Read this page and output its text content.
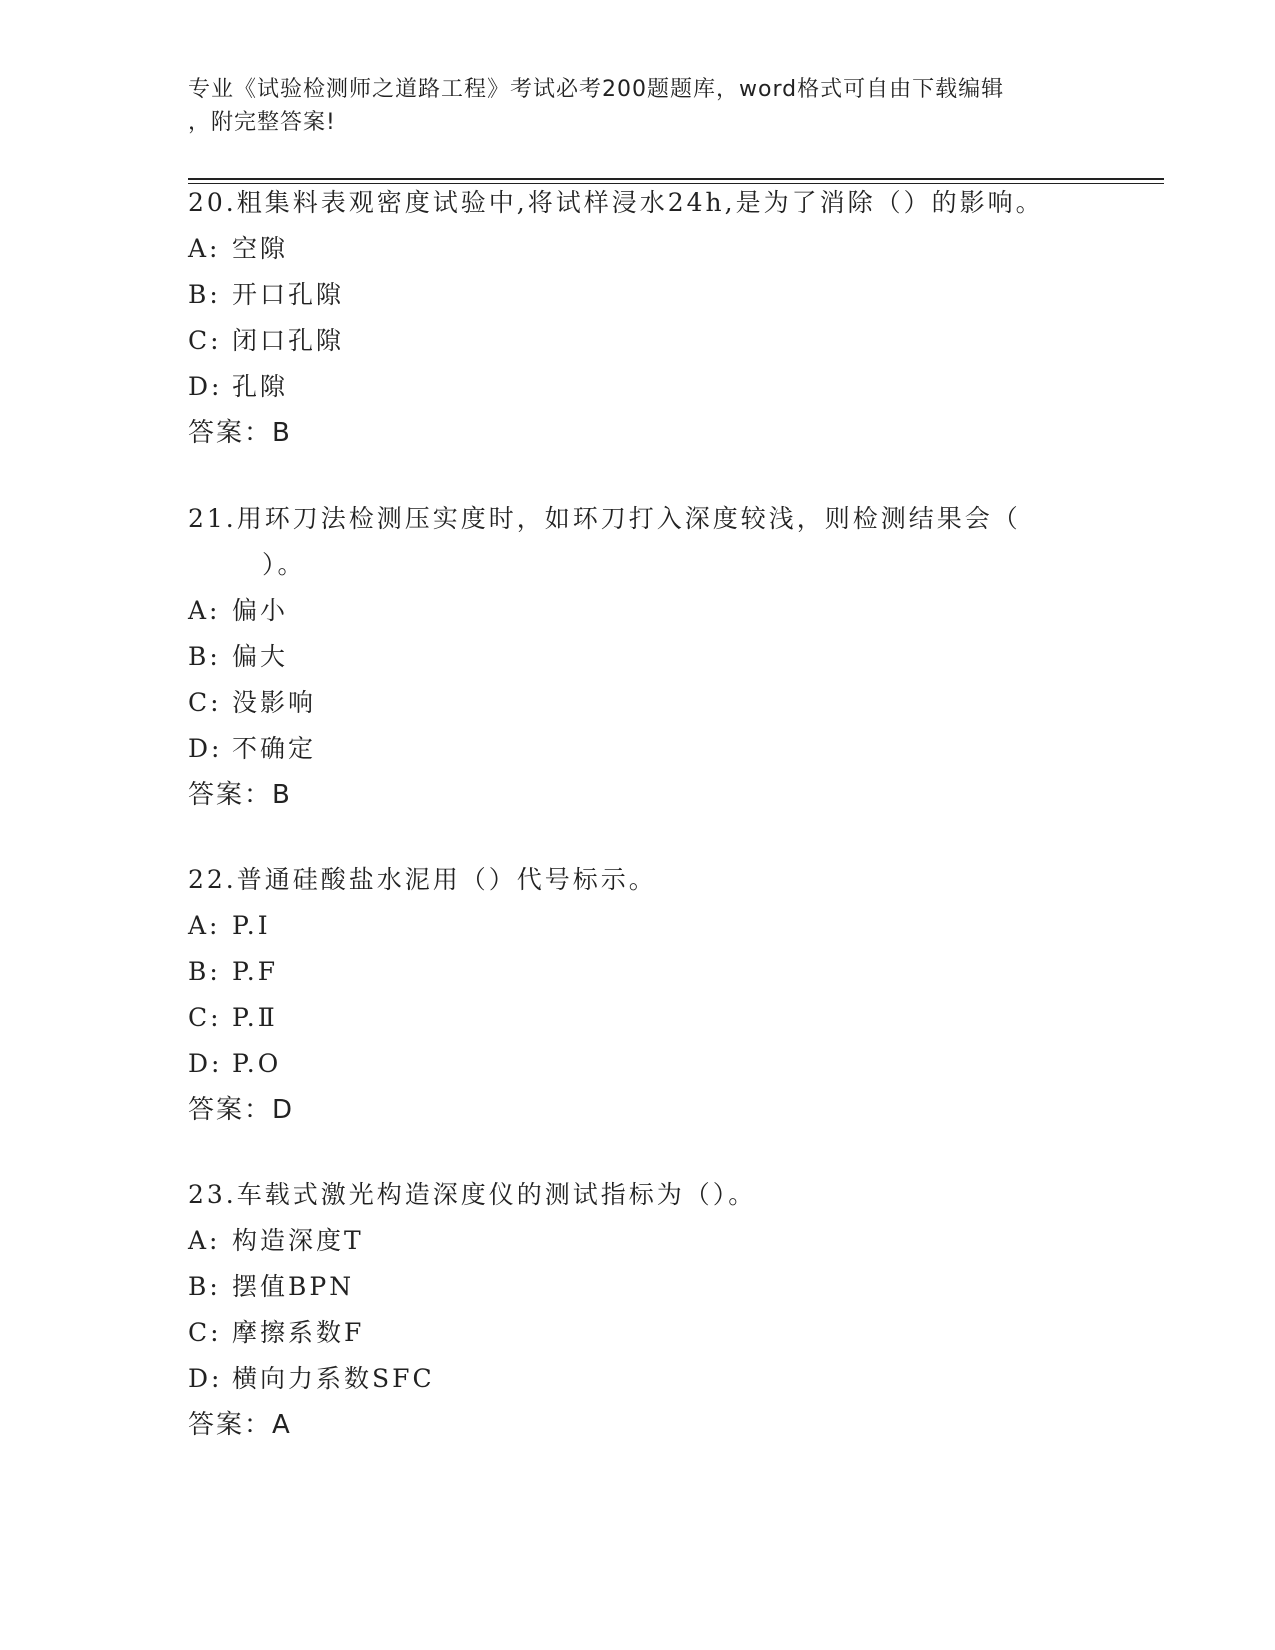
专业《试验检测师之道路工程》考试必考200题题库，word格式可自由下载编辑
，附完整答案!

20.粗集料表观密度试验中,将试样浸水24h,是为了消除（）的影响。

A: 空隙

B: 开口孔隙

C: 闭口孔隙

D: 孔隙

答案：B

21.用环刀法检测压实度时，如环刀打入深度较浅，则检测结果会（

）。

A: 偏小

B: 偏大

C: 没影响

D: 不确定

答案：B

22.普通硅酸盐水泥用（）代号标示。

A: P.I

B: P.F

C: P.Ⅱ

D: P.O

答案：D

23.车载式激光构造深度仪的测试指标为（）。

A: 构造深度T

B: 摆值BPN

C: 摩擦系数F

D: 横向力系数SFC

答案：A
